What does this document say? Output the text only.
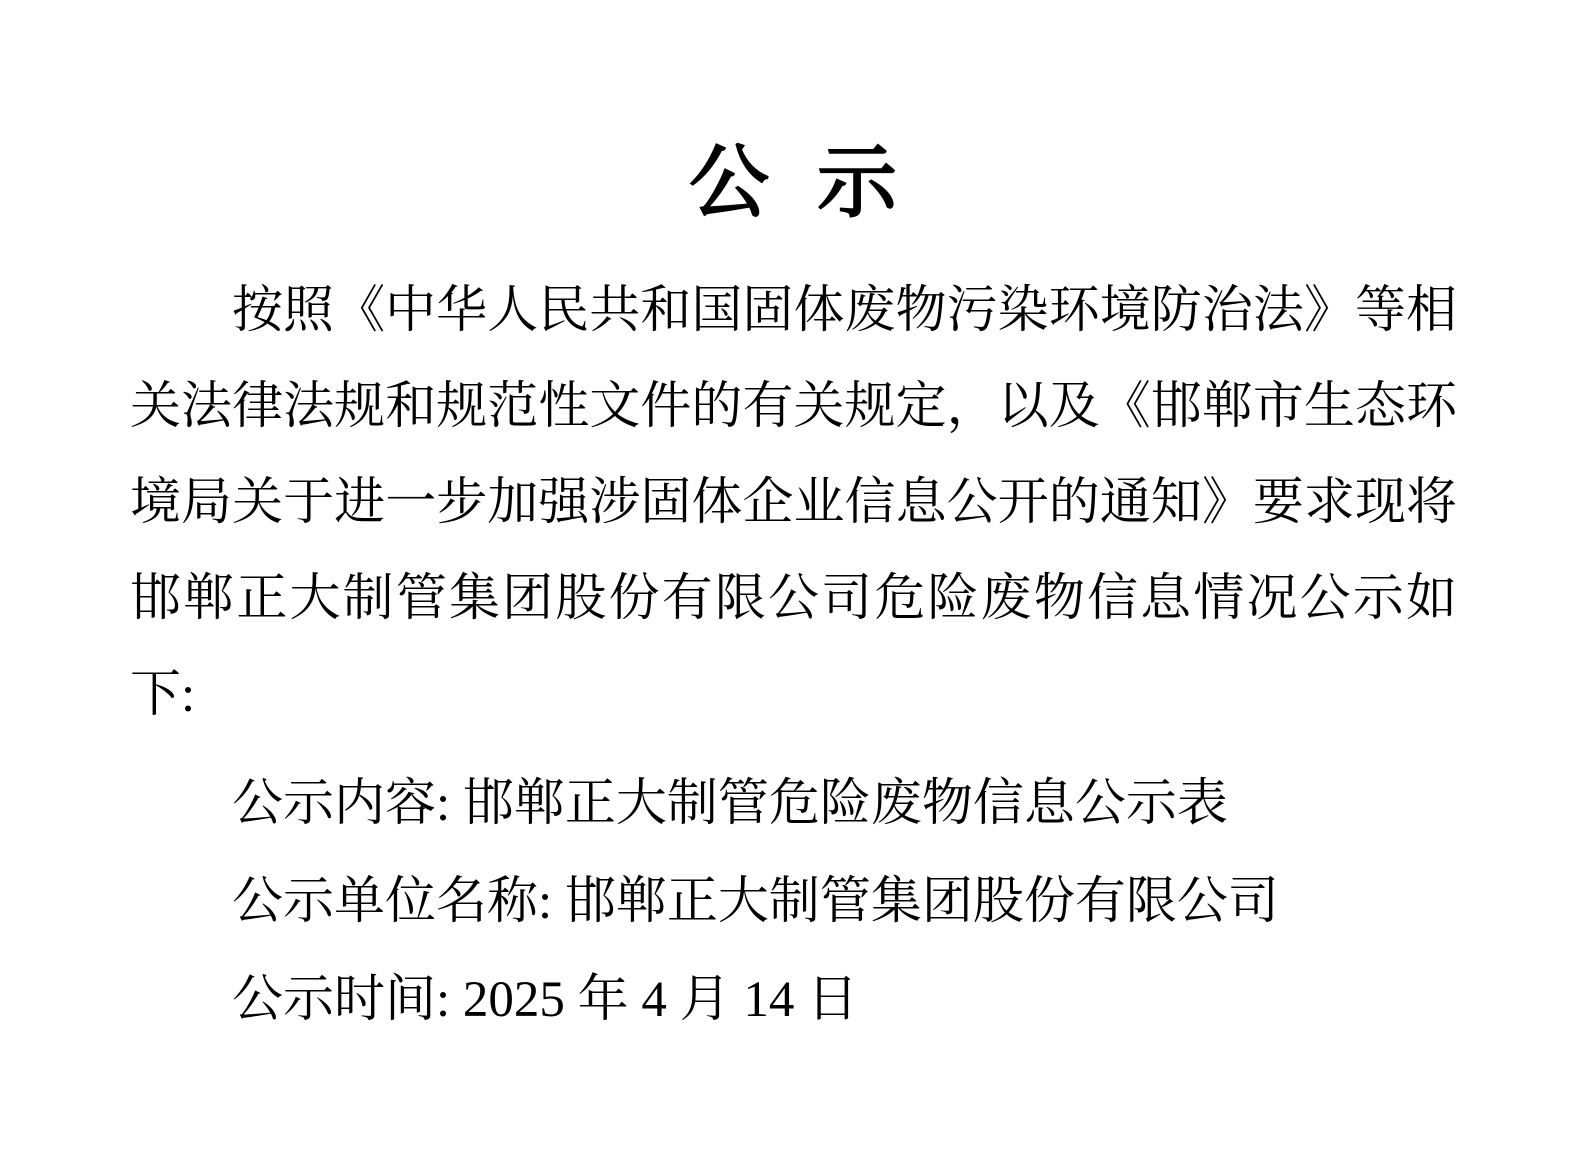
公 示

按照《中华人民共和国固体废物污染环境防治法》等相关法律法规和规范性文件的有关规定，以及《邯郸市生态环境局关于进一步加强涉固体企业信息公开的通知》要求现将邯郸正大制管集团股份有限公司危险废物信息情况公示如下:

公示内容: 邯郸正大制管危险废物信息公示表

公示单位名称: 邯郸正大制管集团股份有限公司

公示时间: 2025 年 4 月 14 日
